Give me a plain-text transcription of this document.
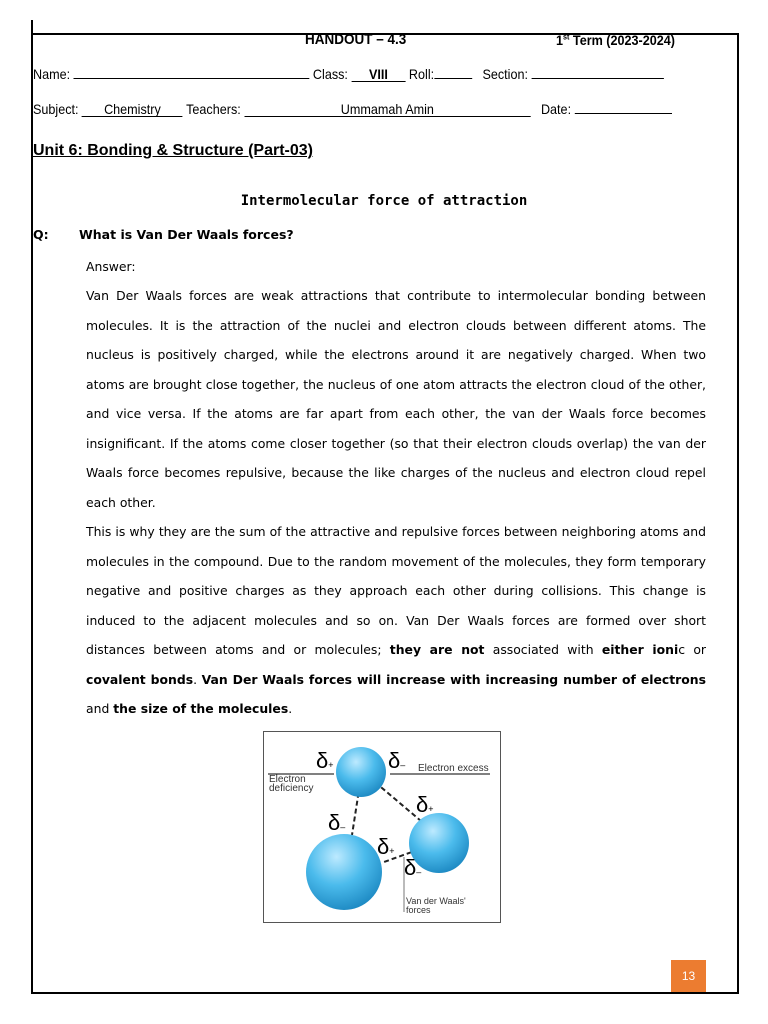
HANDOUT – 4.3	1st Term (2023-2024)
Name:	Class: VIII Roll:	Section:
Subject: Chemistry Teachers:	Ummamah Amin	Date:
Unit 6: Bonding & Structure (Part-03)
Intermolecular force of attraction
Q: What is Van Der Waals forces?
Answer:
Van Der Waals forces are weak attractions that contribute to intermolecular bonding between molecules. It is the attraction of the nuclei and electron clouds between different atoms. The nucleus is positively charged, while the electrons around it are negatively charged. When two atoms are brought close together, the nucleus of one atom attracts the electron cloud of the other, and vice versa. If the atoms are far apart from each other, the van der Waals force becomes insignificant. If the atoms come closer together (so that their electron clouds overlap) the van der Waals force becomes repulsive, because the like charges of the nucleus and electron cloud repel each other.
This is why they are the sum of the attractive and repulsive forces between neighboring atoms and molecules in the compound. Due to the random movement of the molecules, they form temporary negative and positive charges as they approach each other during collisions. This change is induced to the adjacent molecules and so on. Van Der Waals forces are formed over short distances between atoms and or molecules; they are not associated with either ionic or covalent bonds. Van Der Waals forces will increase with increasing number of electrons and the size of the molecules.
δ+ δ–
δ+
δ–
δ+
δ–
Electron excess
Electron
deficiency
Van der Waals'
forces
13
